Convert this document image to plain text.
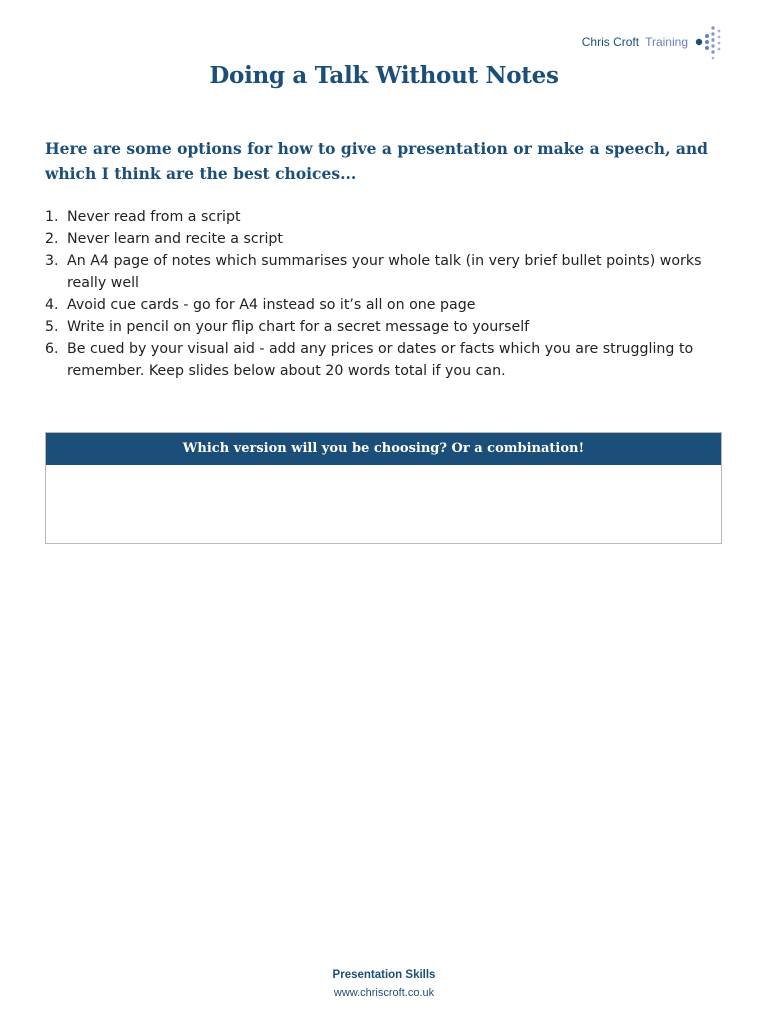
Chris Croft Training
Doing a Talk Without Notes

Here are some options for how to give a presentation or make a speech, and which I think are the best choices...

1. Never read from a script
2. Never learn and recite a script
3. An A4 page of notes which summarises your whole talk (in very brief bullet points) works really well
4. Avoid cue cards - go for A4 instead so it’s all on one page
5. Write in pencil on your flip chart for a secret message to yourself
6. Be cued by your visual aid - add any prices or dates or facts which you are struggling to remember. Keep slides below about 20 words total if you can.
Which version will you be choosing? Or a combination!
Presentation Skills
www.chriscroft.co.uk
